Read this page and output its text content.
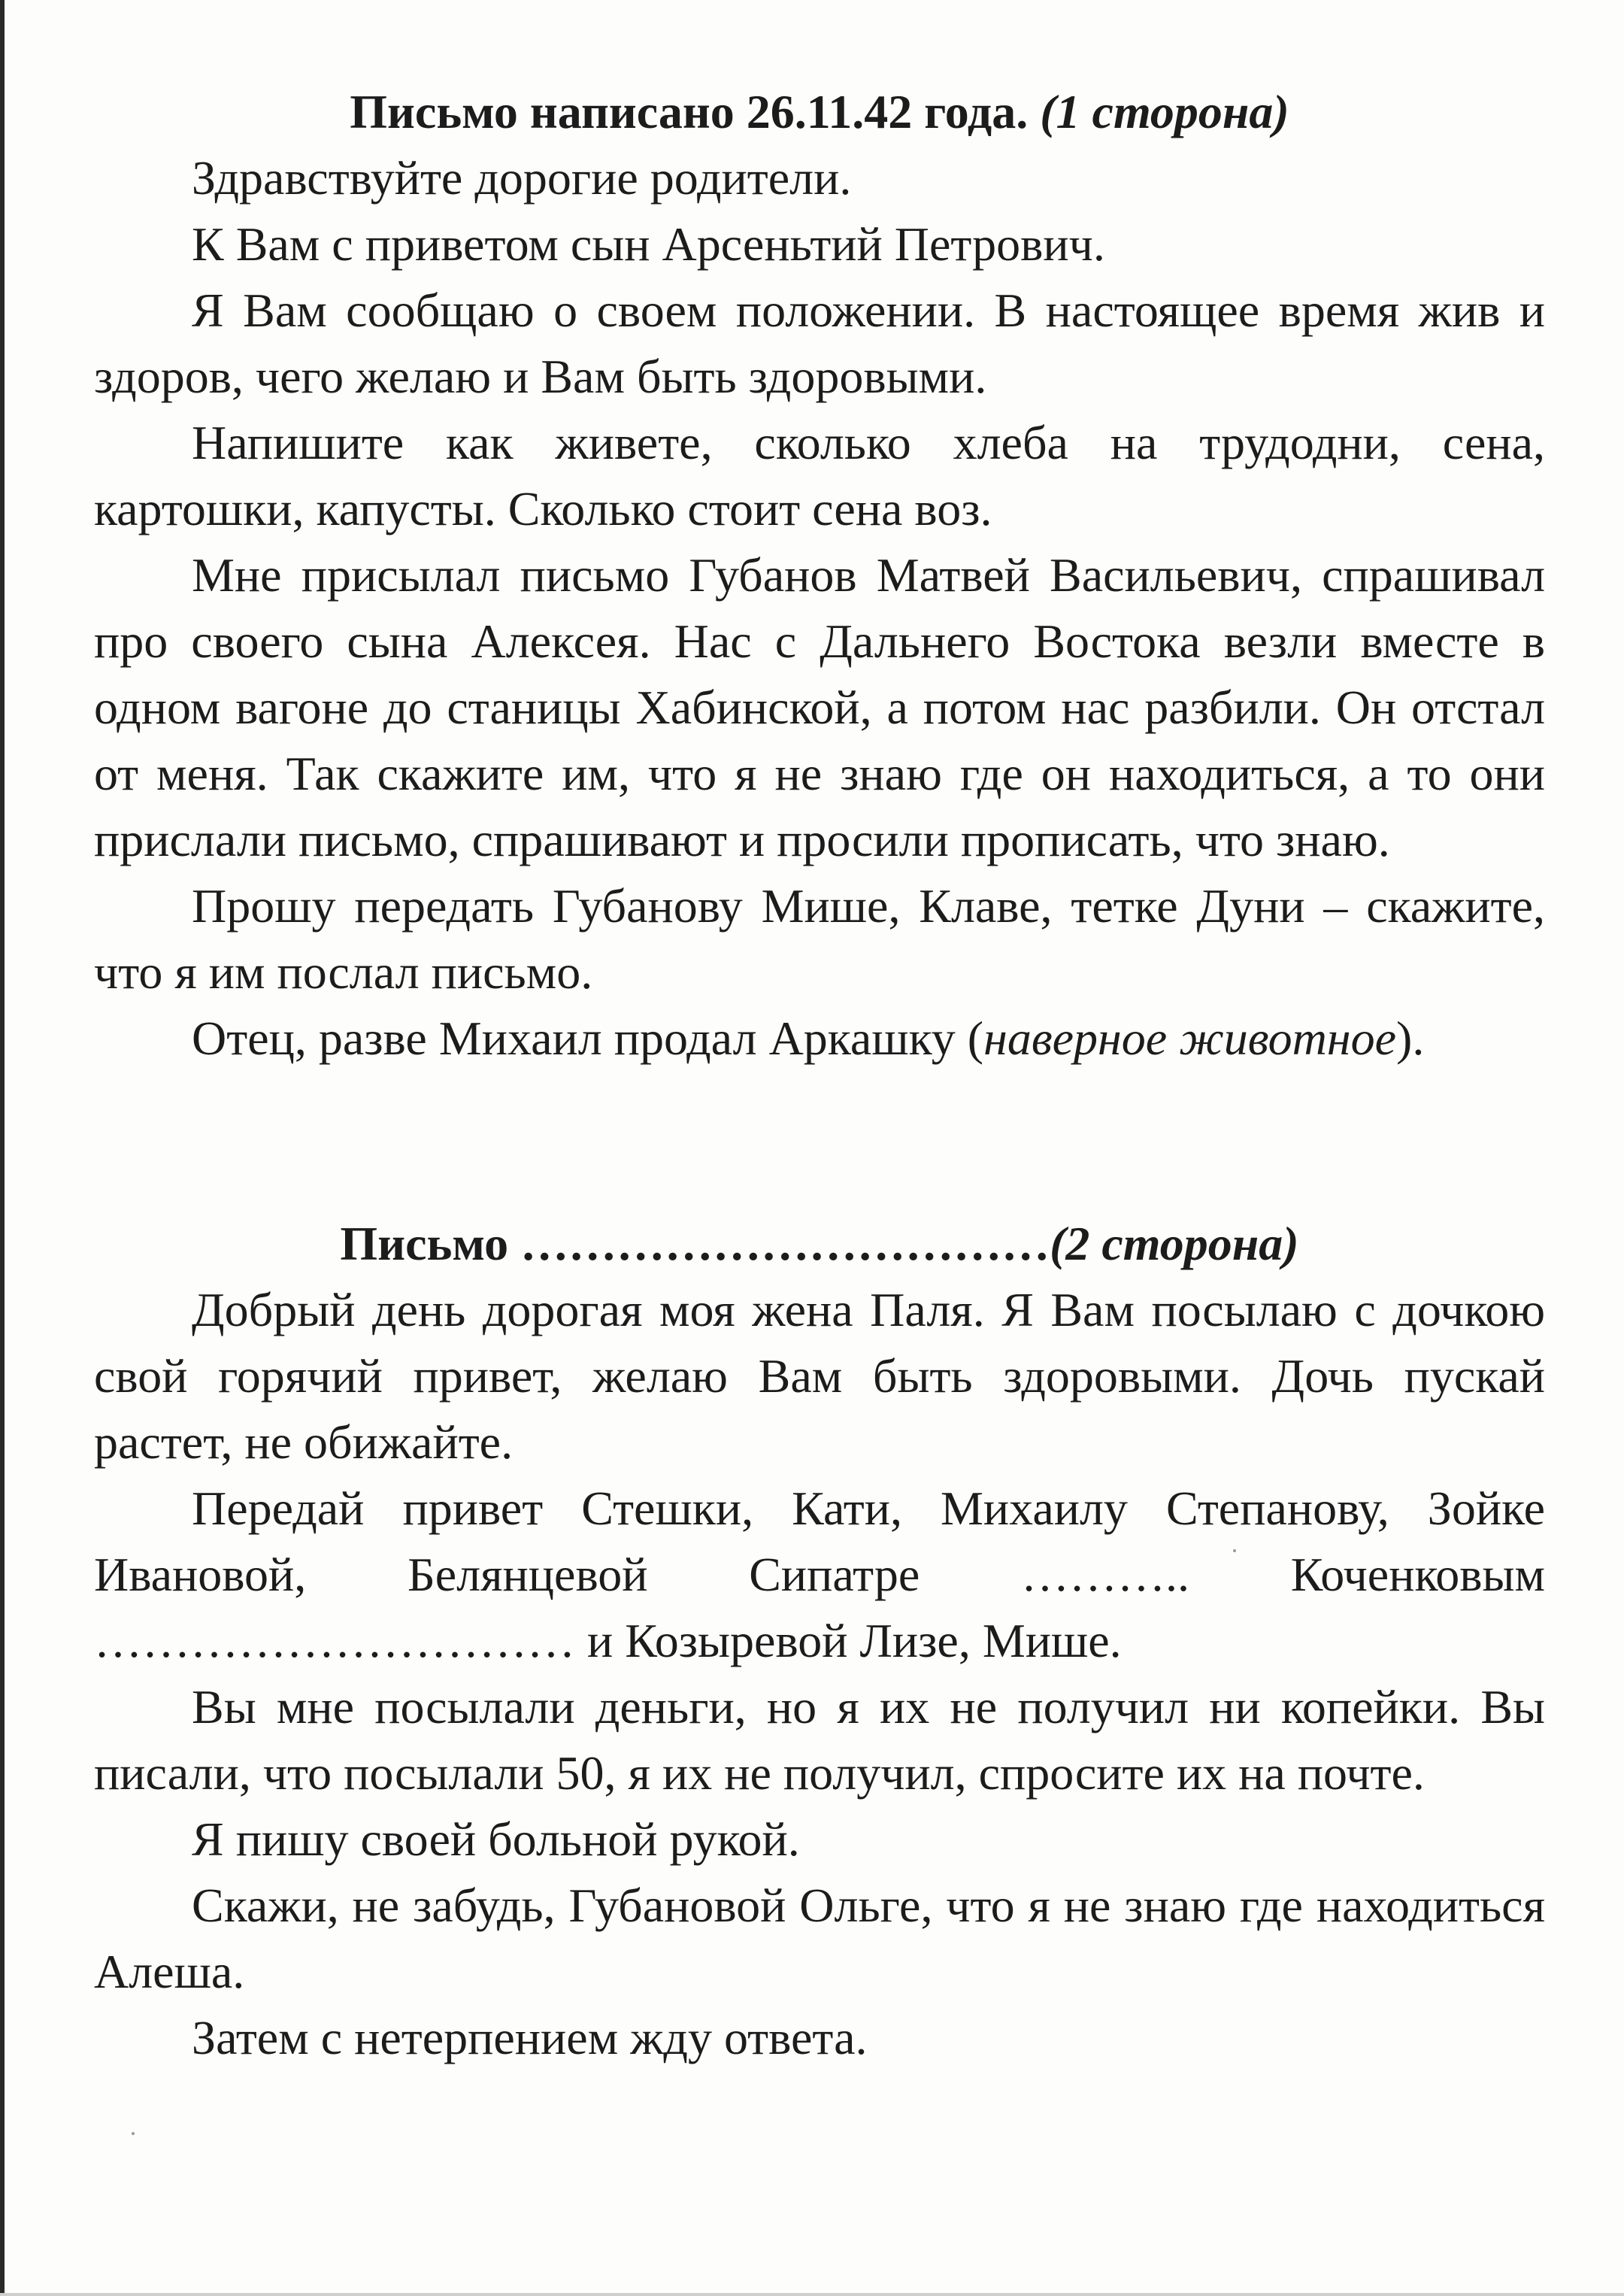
Письмо написано 26.11.42 года. (1 сторона)

Здравствуйте дорогие родители.

К Вам с приветом сын Арсеньтий Петрович.

Я Вам сообщаю о своем положении. В настоящее время жив и здоров, чего желаю и Вам быть здоровыми.

Напишите как живете, сколько хлеба на трудодни, сена, картошки, капусты. Сколько стоит сена воз.

Мне присылал письмо Губанов Матвей Васильевич, спрашивал про своего сына Алексея. Нас с Дальнего Востока везли вместе в одном вагоне до станицы Хабинской, а потом нас разбили. Он отстал от меня. Так скажите им, что я не знаю где он находиться, а то они прислали письмо, спрашивают и просили прописать, что знаю.

Прошу передать Губанову Мише, Клаве, тетке Дуни – скажите, что я им послал письмо.

Отец, разве Михаил продал Аркашку (наверное животное).

Письмо ……………………………(2 сторона)

Добрый день дорогая моя жена Паля. Я Вам посылаю с дочкою свой горячий привет, желаю Вам быть здоровыми. Дочь пускай растет, не обижайте.

Передай привет Стешки, Кати, Михаилу Степанову, Зойке Ивановой, Белянцевой Сипатре ……….. Коченковым ………………………… и Козыревой Лизе, Мише.

Вы мне посылали деньги, но я их не получил ни копейки. Вы писали, что посылали 50, я их не получил, спросите их на почте.

Я пишу своей больной рукой.

Скажи, не забудь, Губановой Ольге, что я не знаю где находиться Алеша.

Затем с нетерпением жду ответа.
